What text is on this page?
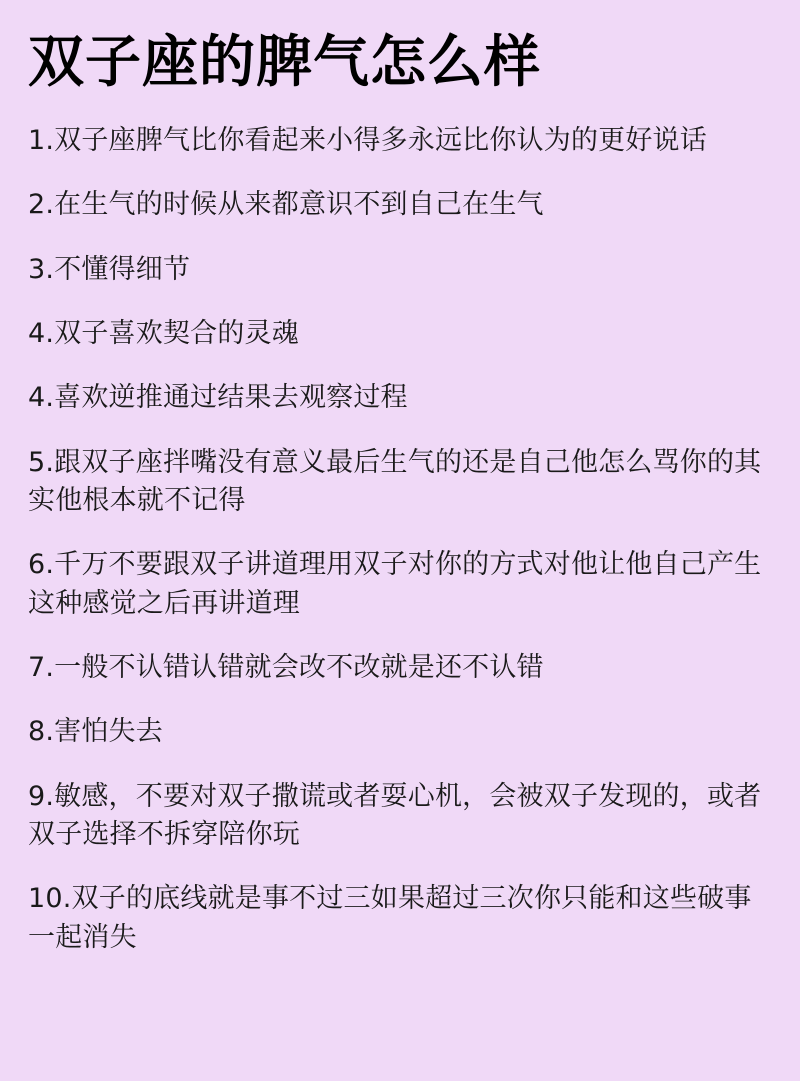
双子座的脾气怎么样
1.双子座脾气比你看起来小得多永远比你认为的更好说话
2.在生气的时候从来都意识不到自己在生气
3.不懂得细节
4.双子喜欢契合的灵魂
4.喜欢逆推通过结果去观察过程
5.跟双子座拌嘴没有意义最后生气的还是自己他怎么骂你的其实他根本就不记得
6.千万不要跟双子讲道理用双子对你的方式对他让他自己产生这种感觉之后再讲道理
7.一般不认错认错就会改不改就是还不认错
8.害怕失去
9.敏感，不要对双子撒谎或者耍心机，会被双子发现的，或者双子选择不拆穿陪你玩
10.双子的底线就是事不过三如果超过三次你只能和这些破事一起消失
